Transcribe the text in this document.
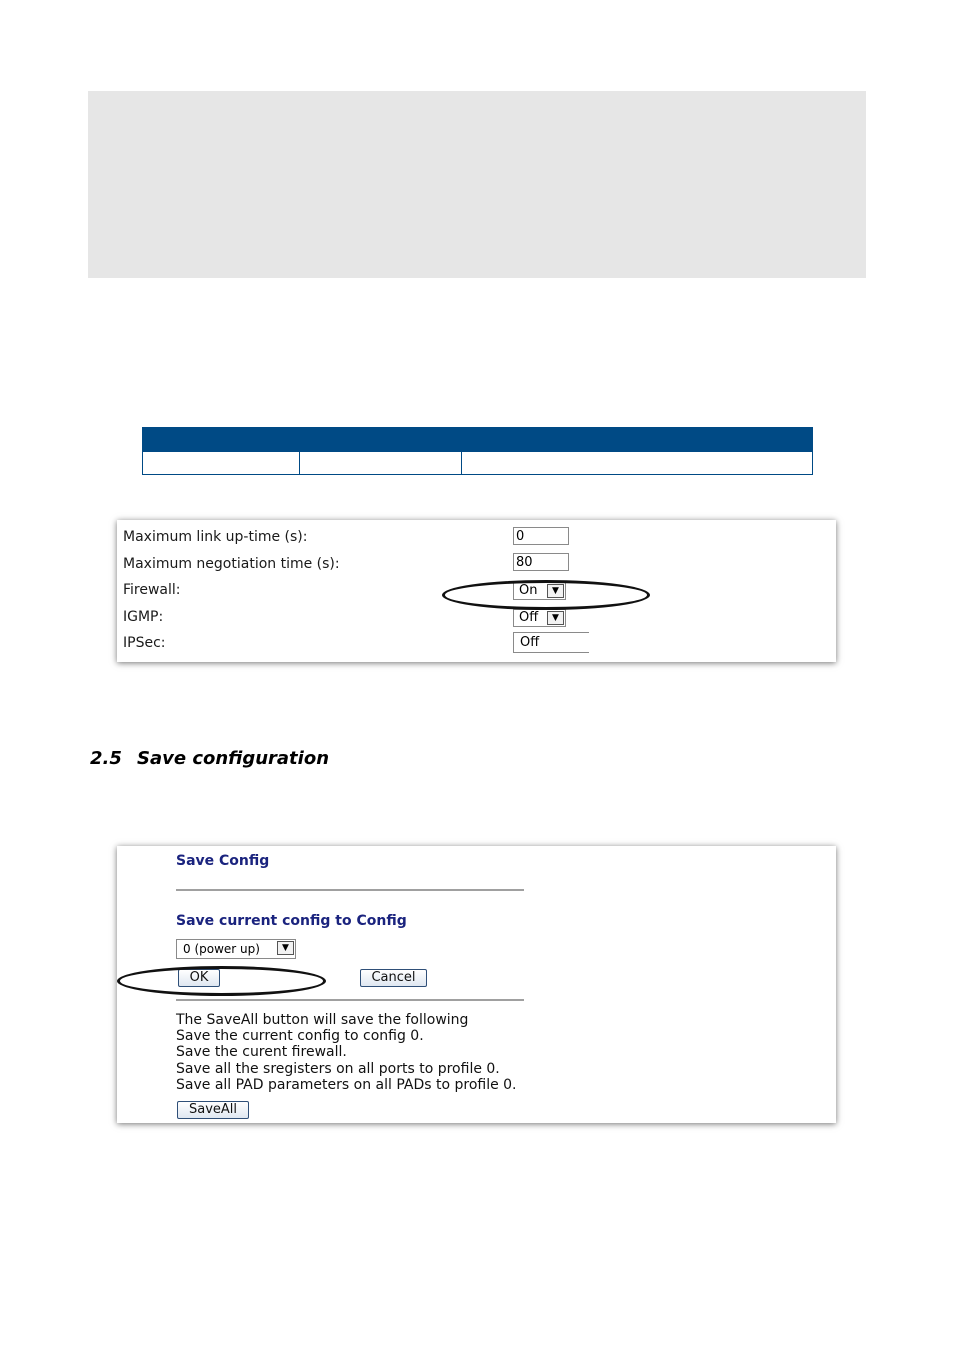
Maximum link up-time (s):	0
Maximum negotiation time (s):	80
Firewall:	On	▼
IGMP:	Off	▼
IPSec:	Off
2.5 Save configuration
Save Config
Save current config to Config
0 (power up)	▼
OK	Cancel
The SaveAll button will save the following
Save the current config to config 0.
Save the curent firewall.
Save all the sregisters on all ports to profile 0.
Save all PAD parameters on all PADs to profile 0.
SaveAll
